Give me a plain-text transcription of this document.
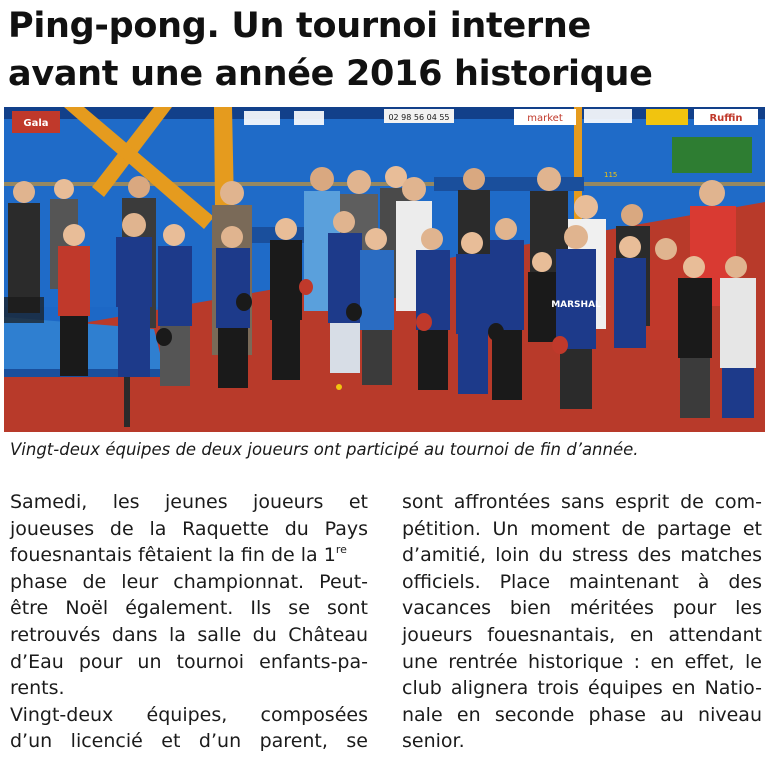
Ping-pong. Un tournoi interne
avant une année 2016 historique
Gala	market
02 98 56 04 55	Ruffin
115
MARSHAL

Vingt-deux équipes de deux joueurs ont participé au tournoi de fin d’année.

Samedi, les jeunes joueurs et
joueuses de la Raquette du Pays
fouesnantais fêtaient la fin de la 1re
phase de leur championnat. Peut-
être Noël également. Ils se sont
retrouvés dans la salle du Château
d’Eau pour un tournoi enfants-pa-
rents.
Vingt-deux équipes, composées
d’un licencié et d’un parent, se
sont affrontées sans esprit de com-
pétition. Un moment de partage et
d’amitié, loin du stress des matches
officiels. Place maintenant à des
vacances bien méritées pour les
joueurs fouesnantais, en attendant
une rentrée historique : en effet, le
club alignera trois équipes en Natio-
nale en seconde phase au niveau
senior.
